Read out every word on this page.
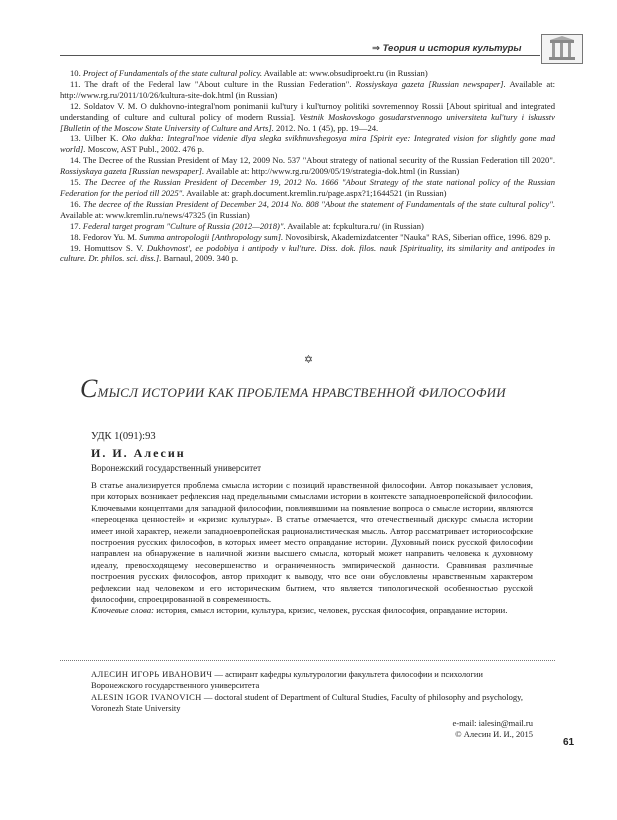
⇒ Теория и история культуры

10. Project of Fundamentals of the state cultural policy. Available at: www.obsudiproekt.ru (in Russian)

11. The draft of the Federal law "About culture in the Russian Federation". Rossiyskaya gazeta [Russian newspaper]. Available at: http://www.rg.ru/2011/10/26/kultura-site-dok.html (in Russian)

12. Soldatov V. M. O dukhovno-integral'nom ponimanii kul'tury i kul'turnoy politiki sovremennoy Rossii [About spiritual and integrated understanding of culture and cultural policy of modern Russia]. Vestnik Moskovskogo gosudarstvennogo universiteta kul'tury i iskusstv [Bulletin of the Moscow State University of Culture and Arts]. 2012. No. 1 (45), pp. 19—24.

13. Uilber K. Oko dukha: Integral'noe videnie dlya slegka svikhnuvshegosya mira [Spirit eye: Integrated vision for slightly gone mad world]. Moscow, AST Publ., 2002. 476 p.

14. The Decree of the Russian President of May 12, 2009 No. 537 "About strategy of national security of the Russian Federation till 2020". Rossiyskaya gazeta [Russian newspaper]. Available at: http://www.rg.ru/2009/05/19/strategia-dok.html (in Russian)

15. The Decree of the Russian President of December 19, 2012 No. 1666 "About Strategy of the state national policy of the Russian Federation for the period till 2025". Available at: graph.document.kremlin.ru/page.aspx?1;1644521 (in Russian)

16. The decree of the Russian President of December 24, 2014 No. 808 "About the statement of Fundamentals of the state cultural policy". Available at: www.kremlin.ru/news/47325 (in Russian)

17. Federal target program "Culture of Russia (2012—2018)". Available at: fcpkultura.ru/ (in Russian)

18. Fedorov Yu. M. Summa antropologii [Anthropology sum]. Novosibirsk, Akademizdatcenter "Nauka" RAS, Siberian office, 1996. 829 p.

19. Homuttsov S. V. Dukhovnost', ee podobiya i antipody v kul'ture. Diss. dok. filos. nauk [Spirituality, its similarity and antipodes in culture. Dr. philos. sci. diss.]. Barnaul, 2009. 340 p.

✡
СМЫСЛ ИСТОРИИ КАК ПРОБЛЕМА НРАВСТВЕННОЙ ФИЛОСОФИИ
УДК 1(091):93
И. И. Алесин
Воронежский государственный университет

В статье анализируется проблема смысла истории с позиций нравственной философии. Автор показывает условия, при которых возникает рефлексия над предельными смыслами истории в контексте западноевропейской философии. Ключевыми концептами для западной философии, повлиявшими на появление вопроса о смысле истории, являются «переоценка ценностей» и «кризис культуры». В статье отмечается, что отечественный дискурс смысла истории имеет иной характер, нежели западноевропейская рационалистическая мысль. Автор рассматривает историософские построения русских философов, в которых имеет место оправдание истории. Духовный поиск русской философии направлен на обнаружение в наличной жизни высшего смысла, который может направить человека к духовному идеалу, превосходящему несовершенство и ограниченность эмпирической данности. Сравнивая различные построения русских философов, автор приходит к выводу, что все они обусловлены нравственным характером рефлексии над человеком и его историческим бытием, что является типологической особенностью русской философии, спроецированной в современность.

Ключевые слова: история, смысл истории, культура, кризис, человек, русская философия, оправдание истории.

АЛЕСИН ИГОРЬ ИВАНОВИЧ — аспирант кафедры культурологии факультета философии и психологии Воронежского государственного университета

ALESIN IGOR IVANOVICH — doctoral student of Department of Cultural Studies, Faculty of philosophy and psychology, Voronezh State University

e-mail: ialesin@mail.ru
© Алесин И. И., 2015
61
